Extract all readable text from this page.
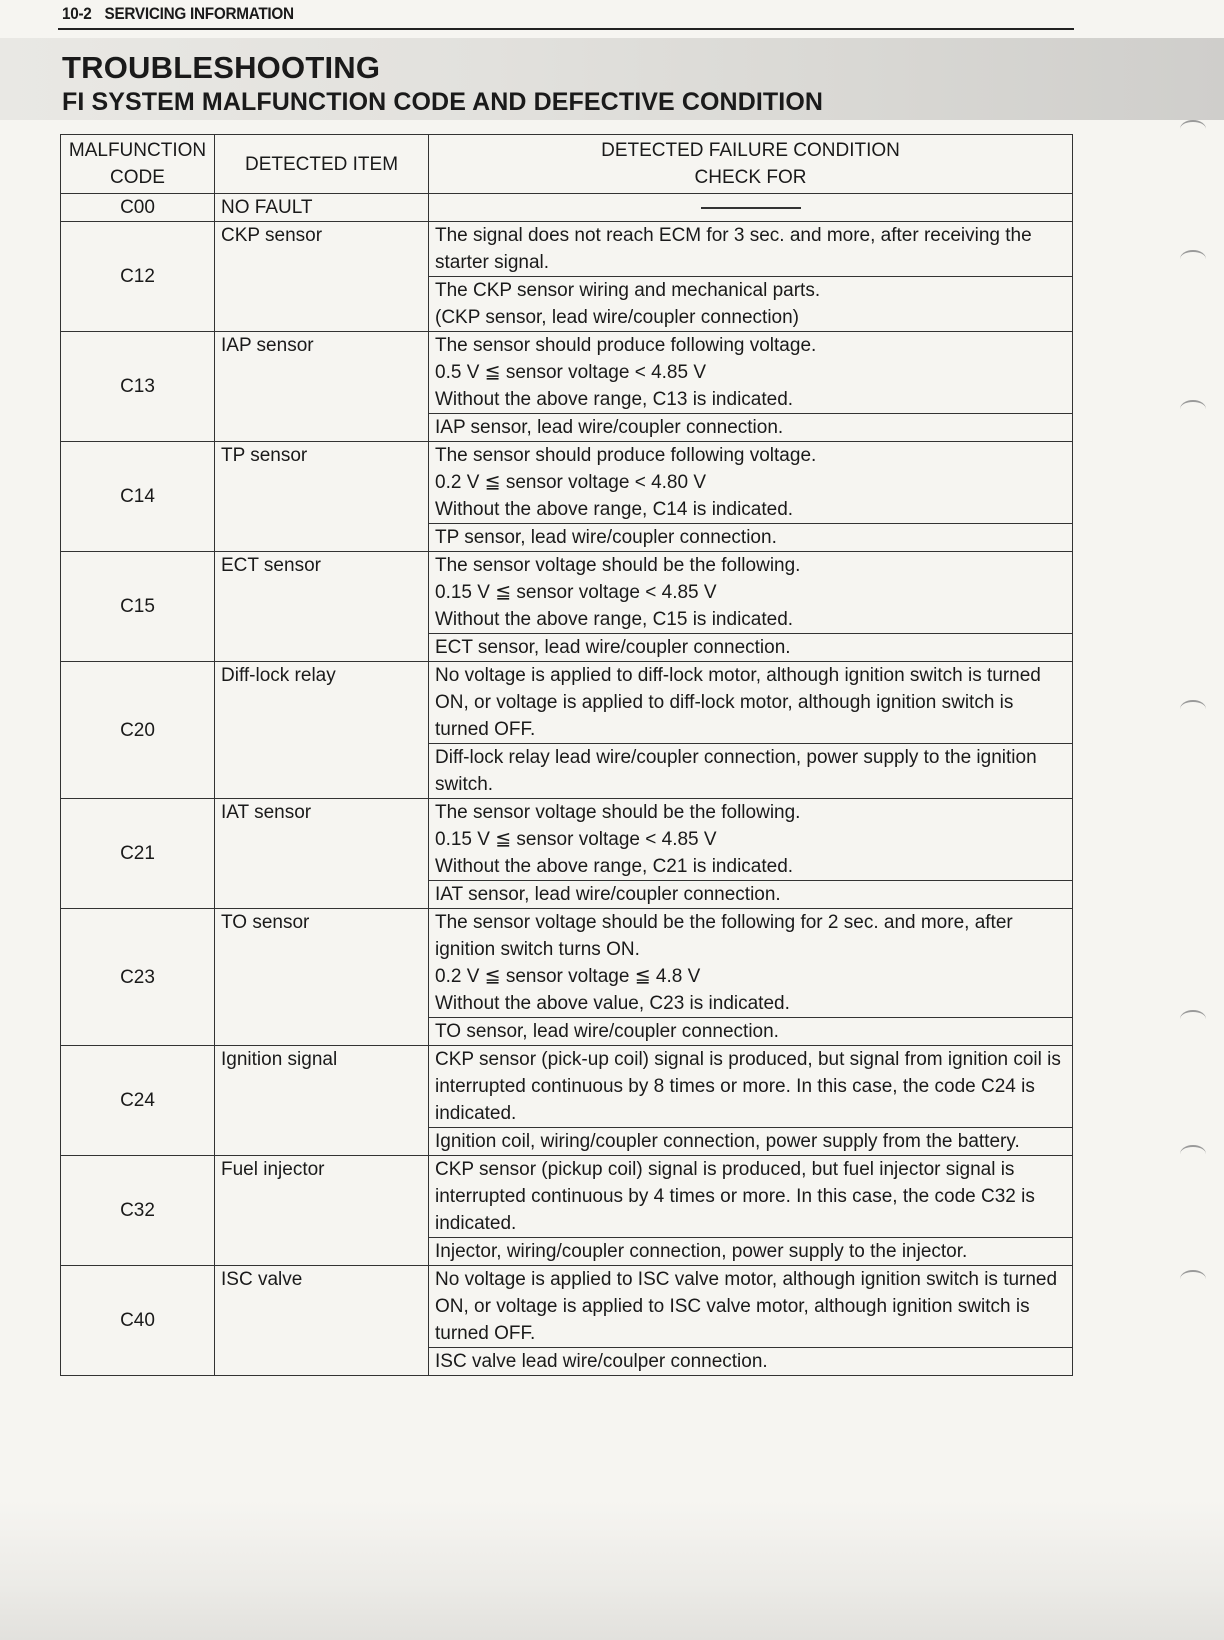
10-2 SERVICING INFORMATION
TROUBLESHOOTING
FI SYSTEM MALFUNCTION CODE AND DEFECTIVE CONDITION
MALFUNCTION CODE	DETECTED ITEM	DETECTED FAILURE CONDITION
CHECK FOR

C00	NO FAULT	
C12	CKP sensor	The signal does not reach ECM for 3 sec. and more, after receiving the starter signal.

		The CKP sensor wiring and mechanical parts.
(CKP sensor, lead wire/coupler connection)

C13	IAP sensor	The sensor should produce following voltage.
0.5 V ≦ sensor voltage < 4.85 V
Without the above range, C13 is indicated.

		IAP sensor, lead wire/coupler connection.

C14	TP sensor	The sensor should produce following voltage.
0.2 V ≦ sensor voltage < 4.80 V
Without the above range, C14 is indicated.

		TP sensor, lead wire/coupler connection.

C15	ECT sensor	The sensor voltage should be the following.
0.15 V ≦ sensor voltage < 4.85 V
Without the above range, C15 is indicated.

		ECT sensor, lead wire/coupler connection.

C20	Diff-lock relay	No voltage is applied to diff-lock motor, although ignition switch is turned ON, or voltage is applied to diff-lock motor, although ignition switch is turned OFF.

		Diff-lock relay lead wire/coupler connection, power supply to the ignition switch.

C21	IAT sensor	The sensor voltage should be the following.
0.15 V ≦ sensor voltage < 4.85 V
Without the above range, C21 is indicated.

		IAT sensor, lead wire/coupler connection.

C23	TO sensor	The sensor voltage should be the following for 2 sec. and more, after ignition switch turns ON.
0.2 V ≦ sensor voltage ≦ 4.8 V
Without the above value, C23 is indicated.

		TO sensor, lead wire/coupler connection.

C24	Ignition signal	CKP sensor (pick-up coil) signal is produced, but signal from ignition coil is interrupted continuous by 8 times or more. In this case, the code C24 is indicated.

		Ignition coil, wiring/coupler connection, power supply from the battery.

C32	Fuel injector	CKP sensor (pickup coil) signal is produced, but fuel injector signal is interrupted continuous by 4 times or more. In this case, the code C32 is indicated.

		Injector, wiring/coupler connection, power supply to the injector.

C40	ISC valve	No voltage is applied to ISC valve motor, although ignition switch is turned ON, or voltage is applied to ISC valve motor, although ignition switch is turned OFF.

		ISC valve lead wire/coulper connection.
